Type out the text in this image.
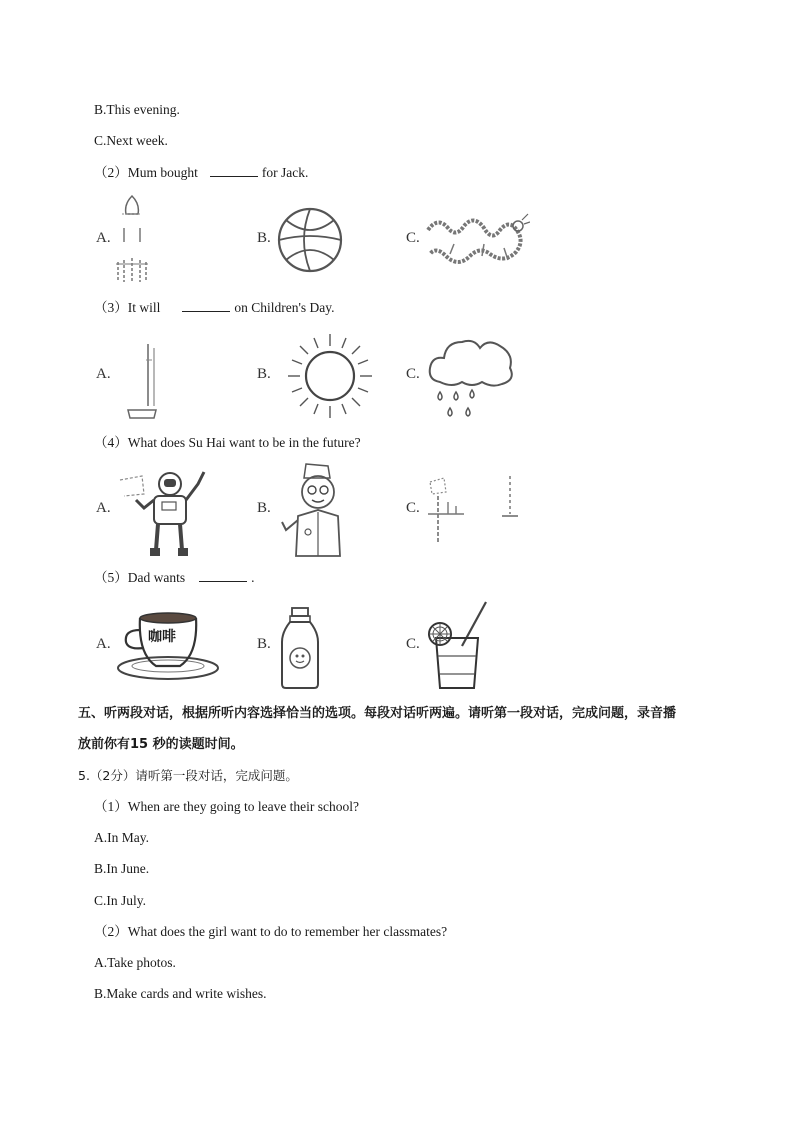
B.This evening.
C.Next week.
（2）Mum bought	for Jack.
A.	B.	C.
（3）It will	on Children's Day.
A.	B.	C.
（4）What does Su Hai want to be in the future?
A.	B.	C.
（5）Dad wants	.
A.	咖啡	B.	C.
五、听两段对话，根据所听内容选择恰当的选项。每段对话听两遍。请听第一段对话，完成问题，录音播
放前你有15 秒的读题时间。
5.（2分）请听第一段对话，完成问题。
（1）When are they going to leave their school?
A.In May.
B.In June.
C.In July.
（2）What does the girl want to do to remember her classmates?
A.Take photos.
B.Make cards and write wishes.
